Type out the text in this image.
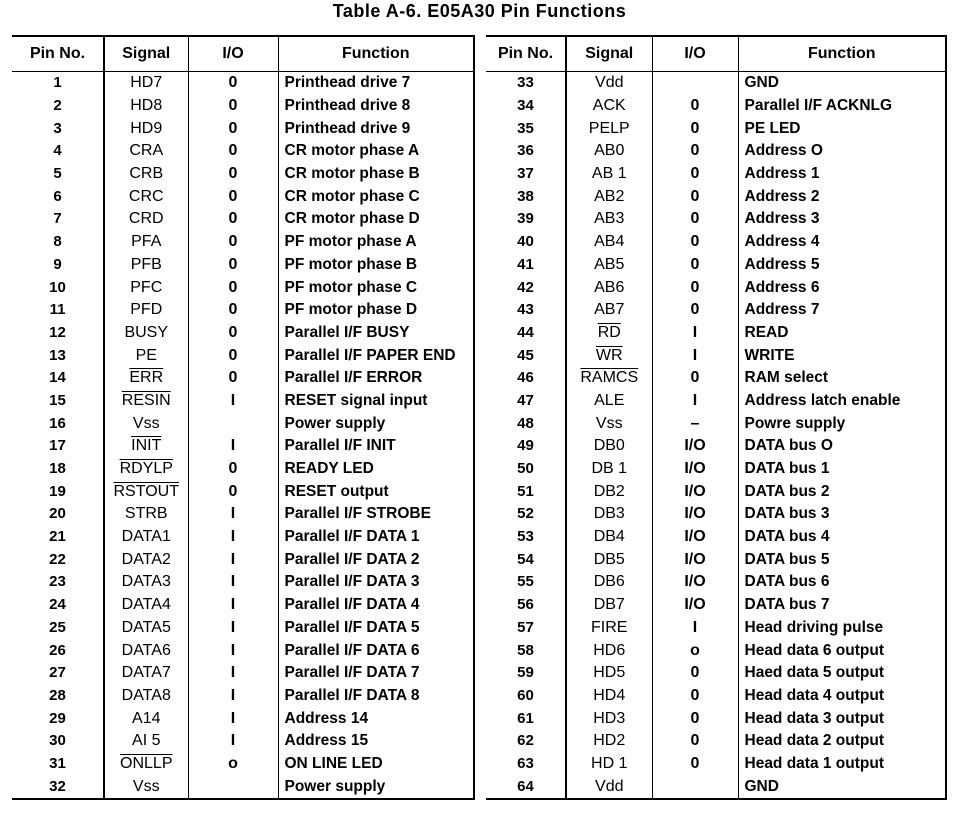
Table A-6. E05A30 Pin Functions
Pin No.	Signal	I/O	Function
1	HD7	0	Printhead drive 7
2	HD8	0	Printhead drive 8
3	HD9	0	Printhead drive 9
4	CRA	0	CR motor phase A
5	CRB	0	CR motor phase B
6	CRC	0	CR motor phase C
7	CRD	0	CR motor phase D
8	PFA	0	PF motor phase A
9	PFB	0	PF motor phase B
10	PFC	0	PF motor phase C
11	PFD	0	PF motor phase D
12	BUSY	0	Parallel I/F BUSY
13	PE	0	Parallel I/F PAPER END
14	$\overline{ERR}$	0	Parallel I/F ERROR
15	RESIN	I	RESET signal input
16	Vss		Power supply
17	INIT	I	Parallel I/F INIT
18	RDYLP	0	READY LED
19	RSTOUT	0	RESET output
20	STRB	I	Parallel I/F STROBE
21	DATA1	I	Parallel I/F DATA 1
22	DATA2	I	Parallel I/F DATA 2
23	DATA3	I	Parallel I/F DATA 3
24	DATA4	I	Parallel I/F DATA 4
25	DATA5	I	Parallel I/F DATA 5
26	DATA6	I	Parallel I/F DATA 6
27	DATA7	I	Parallel I/F DATA 7
28	DATA8	I	Parallel I/F DATA 8
29	A14	I	Address 14
30	AI 5	I	Address 15
31	ONLLP	o	ON LINE LED
32	Vss		Power supply
Pin No.	Signal	I/O	Function
33	Vdd		GND
34	ACK	0	Parallel I/F ACKNLG
35	PELP	0	PE LED
36	AB0	0	Address O
37	AB 1	0	Address 1
38	AB2	0	Address 2
39	AB3	0	Address 3
40	AB4	0	Address 4
41	AB5	0	Address 5
42	AB6	0	Address 6
43	AB7	0	Address 7
44	$\overline{RD}$	I	READ
45	$\overline{WR}$	I	WRITE
46	RAMCS	0	RAM select
47	ALE	I	Address latch enable
48	Vss	–	Powre supply
49	DB0	I/O	DATA bus O
50	DB 1	I/O	DATA bus 1
51	DB2	I/O	DATA bus 2
52	DB3	I/O	DATA bus 3
53	DB4	I/O	DATA bus 4
54	DB5	I/O	DATA bus 5
55	DB6	I/O	DATA bus 6
56	DB7	I/O	DATA bus 7
57	FIRE	I	Head driving pulse
58	HD6	o	Head data 6 output
59	HD5	0	Haed data 5 output
60	HD4	0	Head data 4 output
61	HD3	0	Head data 3 output
62	HD2	0	Head data 2 output
63	HD 1	0	Head data 1 output
64	Vdd		GND
